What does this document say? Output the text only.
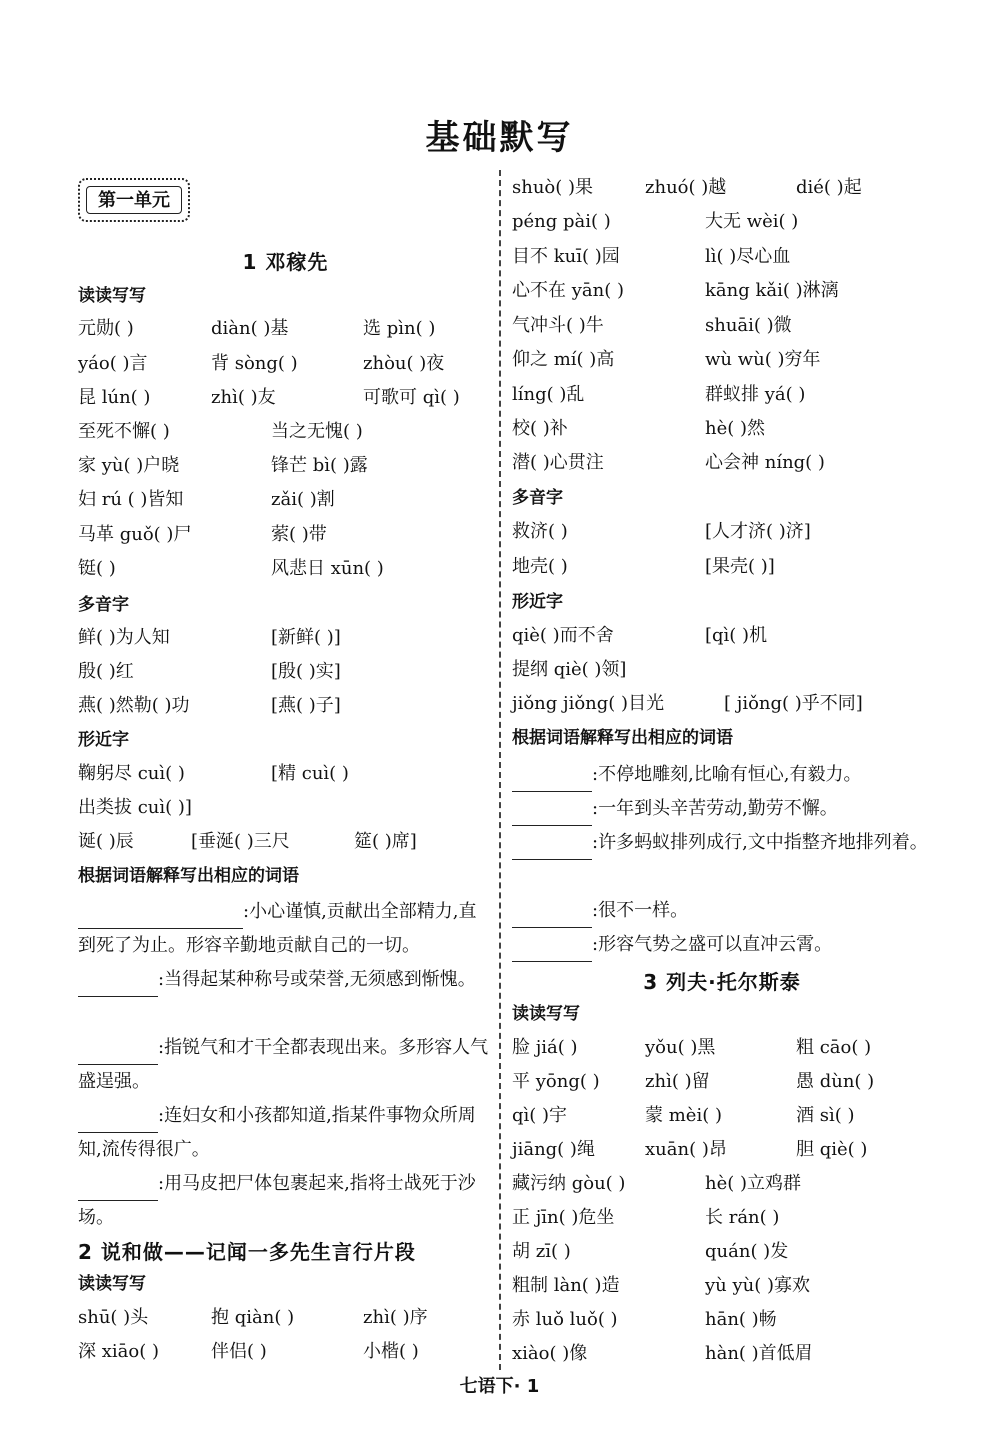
基础默写
第一单元
1 邓稼先
读读写写
元勋( )	diàn( )基	选 pìn( )
yáo( )言	背 sòng( )	zhòu( )夜
昆 lún( )	zhì( )友	可歌可 qì( )
至死不懈( )	当之无愧( )
家 yù( )户晓	锋芒 bì( )露
妇 rú ( )皆知	zǎi( )割
马革 guǒ( )尸	萦( )带
铤( )	风悲日 xūn( )
多音字
鲜( )为人知	[新鲜( )]
殷( )红	[殷( )实]
燕( )然勒( )功	[燕( )子]
形近字
鞠躬尽 cuì( )	[精 cuì( )
出类拔 cuì( )]
诞( )辰	[垂涎( )三尺	筵( )席]
根据词语解释写出相应的词语
:小心谨慎,贡献出全部精力,直到死了为止。形容辛勤地贡献自己的一切。
:当得起某种称号或荣誉,无须感到惭愧。
:指锐气和才干全都表现出来。多形容人气盛逞强。
:连妇女和小孩都知道,指某件事物众所周知,流传得很广。
:用马皮把尸体包裹起来,指将士战死于沙场。
2 说和做——记闻一多先生言行片段
读读写写
shū( )头	抱 qiàn( )	zhì( )序
深 xiāo( )	伴侣( )	小楷( )
shuò( )果	zhuó( )越	dié( )起
péng pài( )	大无 wèi( )
目不 kuī( )园	lì( )尽心血
心不在 yān( )	kāng kǎi( )淋漓
气冲斗( )牛	shuāi( )微
仰之 mí( )高	wù wù( )穷年
líng( )乱	群蚁排 yá( )
校( )补	hè( )然
潜( )心贯注	心会神 níng( )
多音字
救济( )	[人才济( )济]
地壳( )	[果壳( )]
形近字
qiè( )而不舍	[qì( )机
提纲 qiè( )领]
jiǒng jiǒng( )目光	[ jiǒng( )乎不同]
根据词语解释写出相应的词语
:不停地雕刻,比喻有恒心,有毅力。
:一年到头辛苦劳动,勤劳不懈。
:许多蚂蚁排列成行,文中指整齐地排列着。
:很不一样。
:形容气势之盛可以直冲云霄。
3 列夫·托尔斯泰
读读写写
脸 jiá( )	yǒu( )黑	粗 cāo( )
平 yōng( )	zhì( )留	愚 dùn( )
qì( )宇	蒙 mèi( )	酒 sì( )
jiāng( )绳	xuān( )昂	胆 qiè( )
藏污纳 gòu( )	hè( )立鸡群
正 jīn( )危坐	长 rán( )
胡 zī( )	quán( )发
粗制 làn( )造	yù yù( )寡欢
赤 luǒ luǒ( )	hān( )畅
xiào( )像	hàn( )首低眉
七语下· 1
